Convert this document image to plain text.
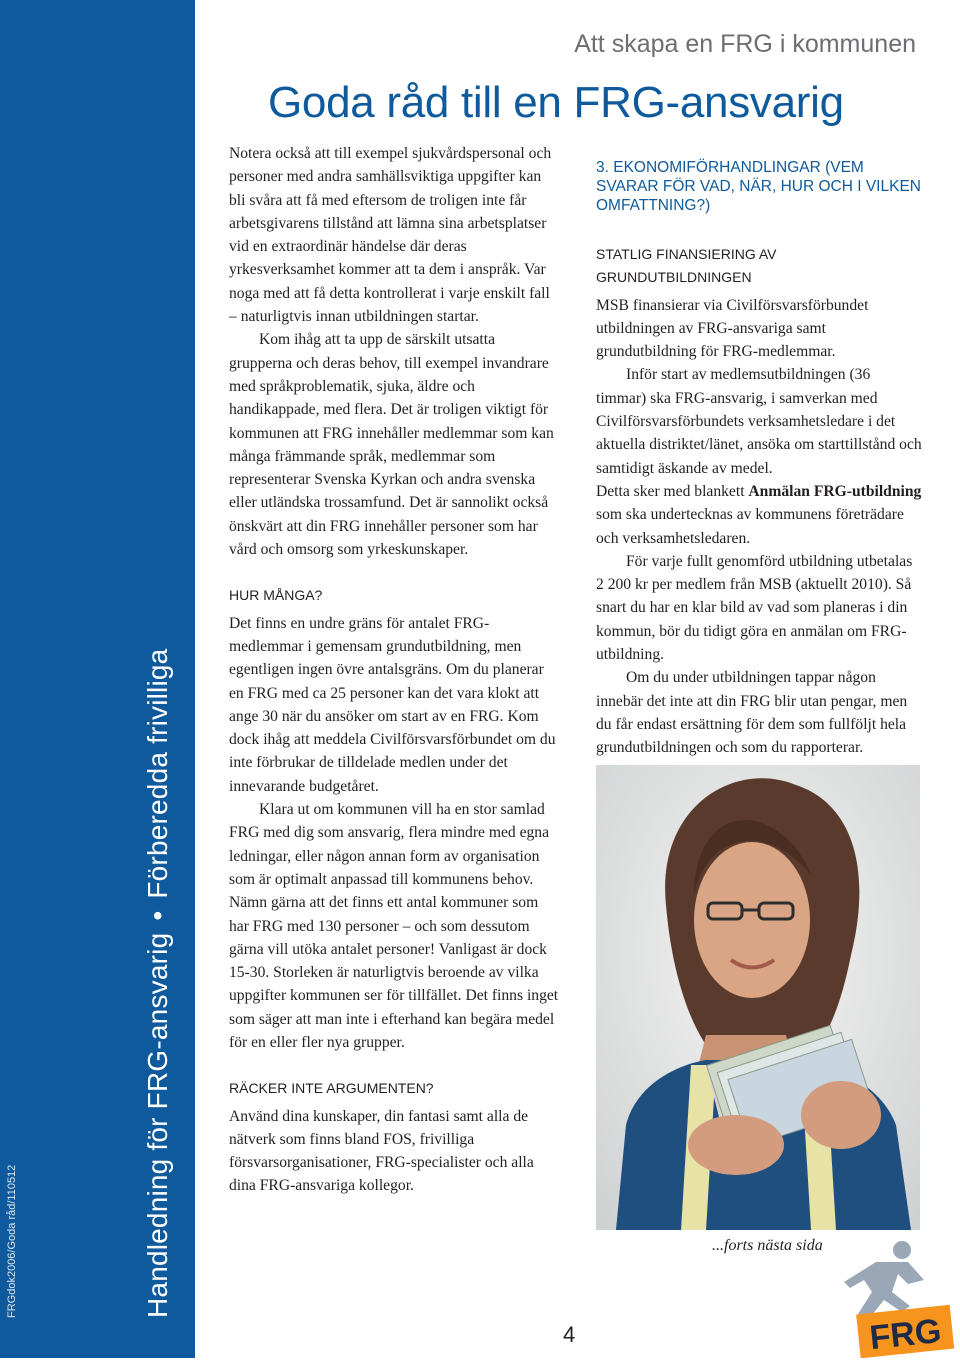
FRGdok2006/Goda råd/110512	Handledning för FRG-ansvarig•Förberedda frivilliga
Att skapa en FRG i kommunen
Goda råd till en FRG-ansvarig

Notera också att till exempel sjukvårdspersonal och personer med andra samhällsviktiga uppgifter kan bli svåra att få med eftersom de troligen inte får arbetsgivarens tillstånd att lämna sina arbetsplatser vid en extraordinär händelse där deras yrkesverksamhet kommer att ta dem i anspråk. Var noga med att få detta kontrollerat i varje enskilt fall – naturligtvis innan utbildningen startar.

Kom ihåg att ta upp de särskilt utsatta grupperna och deras behov, till exempel invandrare med språkproblematik, sjuka, äldre och handikappade, med flera. Det är troligen viktigt för kommunen att FRG innehåller medlemmar som kan många främmande språk, medlemmar som representerar Svenska Kyrkan och andra svenska eller utländska trossamfund. Det är sannolikt också önskvärt att din FRG innehåller personer som har vård och omsorg som yrkeskunskaper.

HUR MÅNGA?

Det finns en undre gräns för antalet FRG-medlemmar i gemensam grundutbildning, men egentligen ingen övre antalsgräns. Om du planerar en FRG med ca 25 personer kan det vara klokt att ange 30 när du ansöker om start av en FRG. Kom dock ihåg att meddela Civilförsvarsförbundet om du inte förbrukar de tilldelade medlen under det innevarande budgetåret.

Klara ut om kommunen vill ha en stor samlad FRG med dig som ansvarig, flera mindre med egna ledningar, eller någon annan form av organisation som är optimalt anpassad till kommunens behov. Nämn gärna att det finns ett antal kommuner som har FRG med 130 personer – och som dessutom gärna vill utöka antalet personer! Vanligast är dock 15-30. Storleken är naturligtvis beroende av vilka uppgifter kommunen ser för tillfället. Det finns inget som säger att man inte i efterhand kan begära medel för en eller fler nya grupper.

RÄCKER INTE ARGUMENTEN?

Använd dina kunskaper, din fantasi samt alla de nätverk som finns bland FOS, frivilliga försvarsorganisationer, FRG-specialister och alla dina FRG-ansvariga kollegor.

3. EKONOMIFÖRHANDLINGAR (VEM SVARAR FÖR VAD, NÄR, HUR OCH I VILKEN OMFATTNING?)
STATLIG FINANSIERING AV GRUNDUTBILDNINGEN

MSB finansierar via Civilförsvarsförbundet utbildningen av FRG-ansvariga samt grundutbildning för FRG-medlemmar.

Inför start av medlemsutbildningen (36 timmar) ska FRG-ansvarig, i samverkan med Civilförsvarsförbundets verksamhetsledare i det aktuella distriktet/länet, ansöka om starttillstånd och samtidigt äskande av medel.

Detta sker med blankett Anmälan FRG-utbildning som ska undertecknas av kommunens företrädare och verksamhetsledaren.

För varje fullt genomförd utbildning utbetalas 2 200 kr per medlem från MSB (aktuellt 2010). Så snart du har en klar bild av vad som planeras i din kommun, bör du tidigt göra en anmälan om FRG-utbildning.

Om du under utbildningen tappar någon innebär det inte att din FRG blir utan pengar, men du får endast ersättning för dem som fullföljt hela grundutbildningen och som du rapporterar.

...forts nästa sida
4	FRG
